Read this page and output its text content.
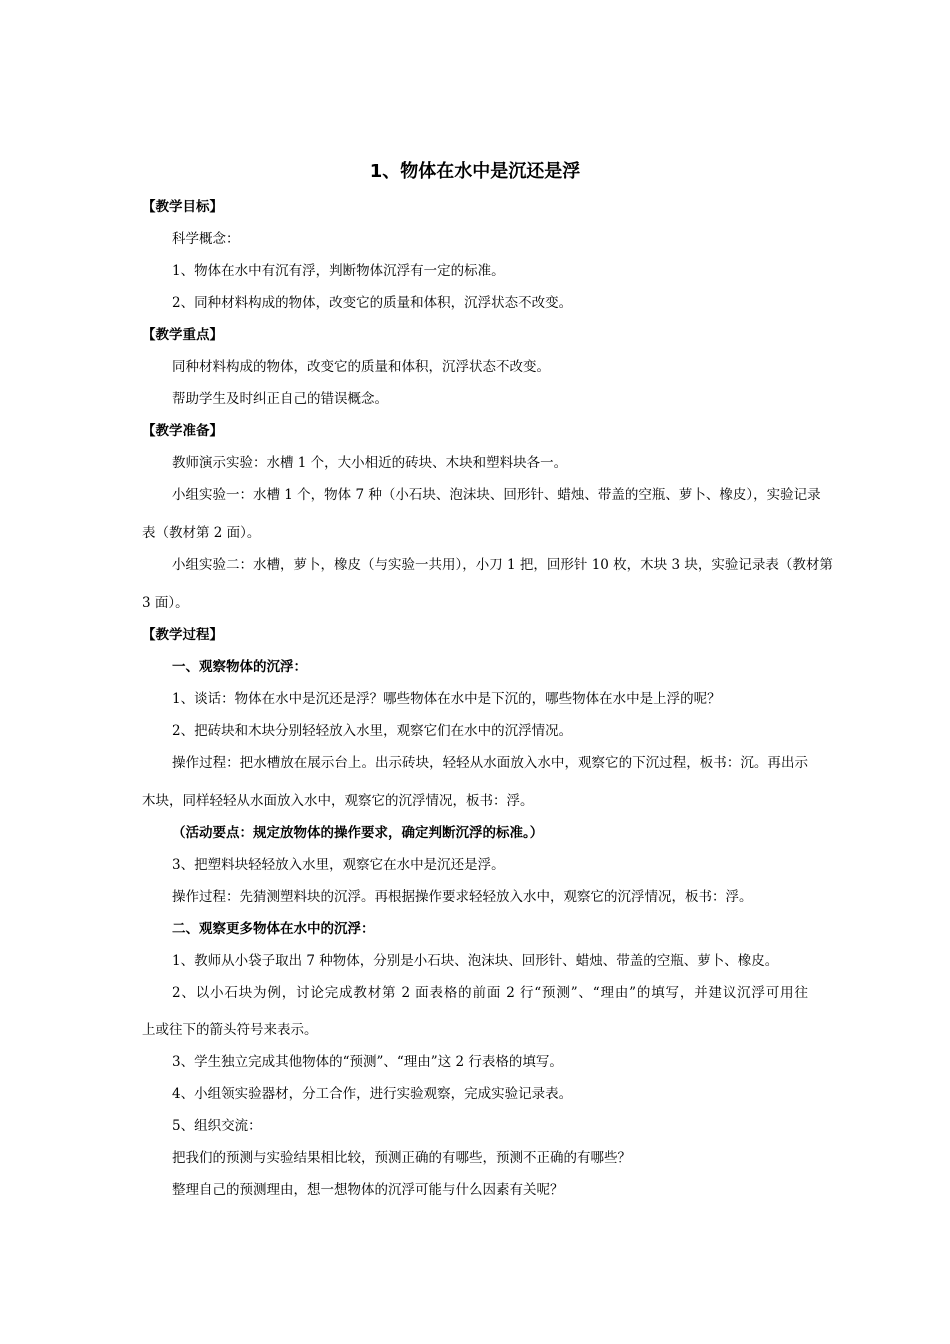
1、物体在水中是沉还是浮
【教学目标】
科学概念：
1、物体在水中有沉有浮，判断物体沉浮有一定的标准。
2、同种材料构成的物体，改变它的质量和体积，沉浮状态不改变。
【教学重点】
同种材料构成的物体，改变它的质量和体积，沉浮状态不改变。
帮助学生及时纠正自己的错误概念。
【教学准备】
教师演示实验：水槽 1 个，大小相近的砖块、木块和塑料块各一。
小组实验一：水槽 1 个，物体 7 种（小石块、泡沫块、回形针、蜡烛、带盖的空瓶、萝卜、橡皮），实验记录
表（教材第 2 面）。
小组实验二：水槽，萝卜，橡皮（与实验一共用），小刀 1 把，回形针 10 枚，木块 3 块，实验记录表（教材第
3 面）。
【教学过程】
一、观察物体的沉浮：
1、谈话：物体在水中是沉还是浮？哪些物体在水中是下沉的，哪些物体在水中是上浮的呢？
2、把砖块和木块分别轻轻放入水里，观察它们在水中的沉浮情况。
操作过程：把水槽放在展示台上。出示砖块，轻轻从水面放入水中，观察它的下沉过程，板书：沉。再出示
木块，同样轻轻从水面放入水中，观察它的沉浮情况，板书：浮。
（活动要点：规定放物体的操作要求，确定判断沉浮的标准。）
3、把塑料块轻轻放入水里，观察它在水中是沉还是浮。
操作过程：先猜测塑料块的沉浮。再根据操作要求轻轻放入水中，观察它的沉浮情况，板书：浮。
二、观察更多物体在水中的沉浮：
1、教师从小袋子取出 7 种物体，分别是小石块、泡沫块、回形针、蜡烛、带盖的空瓶、萝卜、橡皮。
2、以小石块为例，讨论完成教材第 2 面表格的前面 2 行“预测”、“理由”的填写，并建议沉浮可用往
上或往下的箭头符号来表示。
3、学生独立完成其他物体的“预测”、“理由”这 2 行表格的填写。
4、小组领实验器材，分工合作，进行实验观察，完成实验记录表。
5、组织交流：
把我们的预测与实验结果相比较，预测正确的有哪些，预测不正确的有哪些？
整理自己的预测理由，想一想物体的沉浮可能与什么因素有关呢？
